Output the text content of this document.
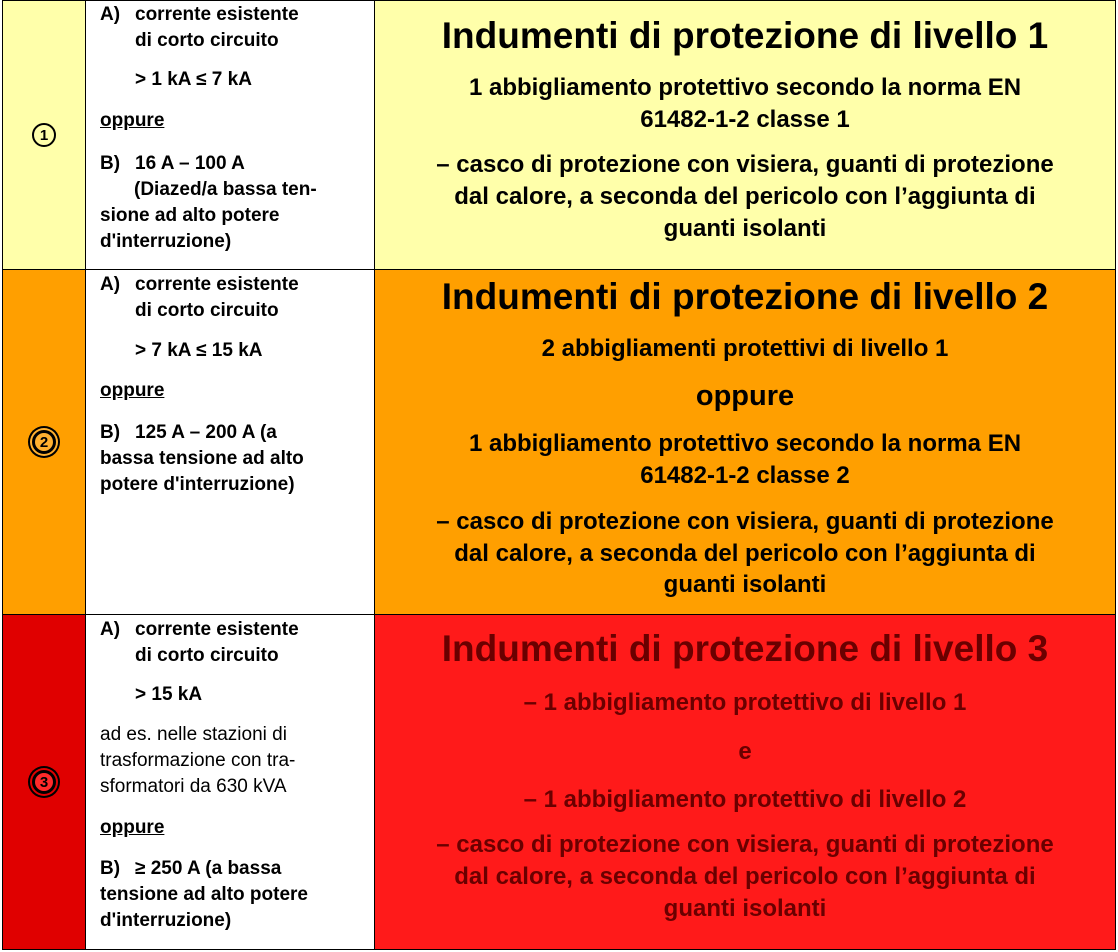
1
A) corrente esistente
di corto circuito
> 1 kA ≤ 7 kA
oppure
B) 16 A – 100 A
(Diazed/a bassa ten-
sione ad alto potere
d'interruzione)
Indumenti di protezione di livello 1
1 abbigliamento protettivo secondo la norma EN
61482-1-2 classe 1
– casco di protezione con visiera, guanti di protezione
dal calore, a seconda del pericolo con l’aggiunta di
guanti isolanti
2
A) corrente esistente
di corto circuito
> 7 kA ≤ 15 kA
oppure
B) 125 A – 200 A (a
bassa tensione ad alto
potere d'interruzione)
Indumenti di protezione di livello 2
2 abbigliamenti protettivi di livello 1
oppure
1 abbigliamento protettivo secondo la norma EN
61482-1-2 classe 2
– casco di protezione con visiera, guanti di protezione
dal calore, a seconda del pericolo con l’aggiunta di
guanti isolanti
3
A) corrente esistente
di corto circuito
> 15 kA
ad es. nelle stazioni di
trasformazione con tra-
sformatori da 630 kVA
oppure
B) ≥ 250 A (a bassa
tensione ad alto potere
d'interruzione)
Indumenti di protezione di livello 3
– 1 abbigliamento protettivo di livello 1
e
– 1 abbigliamento protettivo di livello 2
– casco di protezione con visiera, guanti di protezione
dal calore, a seconda del pericolo con l’aggiunta di
guanti isolanti
